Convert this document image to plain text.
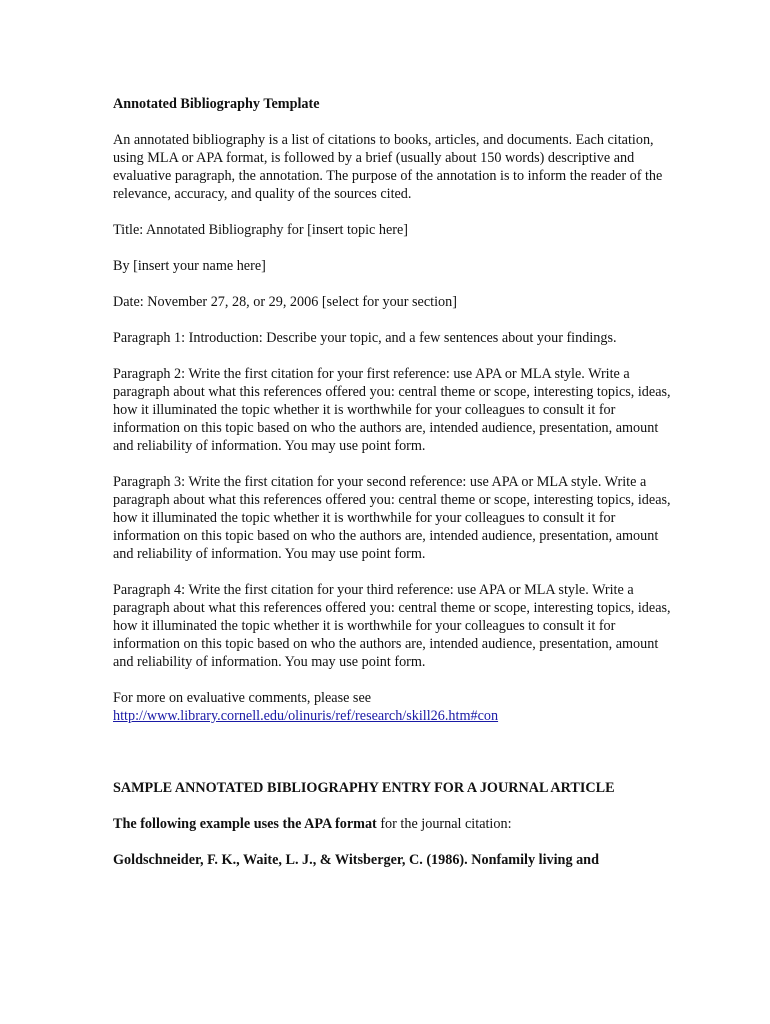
Annotated Bibliography Template

An annotated bibliography is a list of citations to books, articles, and documents. Each citation, using MLA or APA format, is followed by a brief (usually about 150 words) descriptive and evaluative paragraph, the annotation. The purpose of the annotation is to inform the reader of the relevance, accuracy, and quality of the sources cited.

Title: Annotated Bibliography for [insert topic here]

By [insert your name here]

Date: November 27, 28, or 29, 2006 [select for your section]

Paragraph 1: Introduction: Describe your topic, and a few sentences about your findings.

Paragraph 2: Write the first citation for your first reference: use APA or MLA style. Write a paragraph about what this references offered you: central theme or scope, interesting topics, ideas, how it illuminated the topic whether it is worthwhile for your colleagues to consult it for information on this topic based on who the authors are, intended audience, presentation, amount and reliability of information. You may use point form.

Paragraph 3: Write the first citation for your second reference: use APA or MLA style. Write a paragraph about what this references offered you: central theme or scope, interesting topics, ideas, how it illuminated the topic whether it is worthwhile for your colleagues to consult it for information on this topic based on who the authors are, intended audience, presentation, amount and reliability of information. You may use point form.

Paragraph 4: Write the first citation for your third reference: use APA or MLA style. Write a paragraph about what this references offered you: central theme or scope, interesting topics, ideas, how it illuminated the topic whether it is worthwhile for your colleagues to consult it for information on this topic based on who the authors are, intended audience, presentation, amount and reliability of information. You may use point form.

For more on evaluative comments, please see
http://www.library.cornell.edu/olinuris/ref/research/skill26.htm#con

SAMPLE ANNOTATED BIBLIOGRAPHY ENTRY FOR A JOURNAL ARTICLE

The following example uses the APA format for the journal citation:

Goldschneider, F. K., Waite, L. J., & Witsberger, C. (1986). Nonfamily living and
